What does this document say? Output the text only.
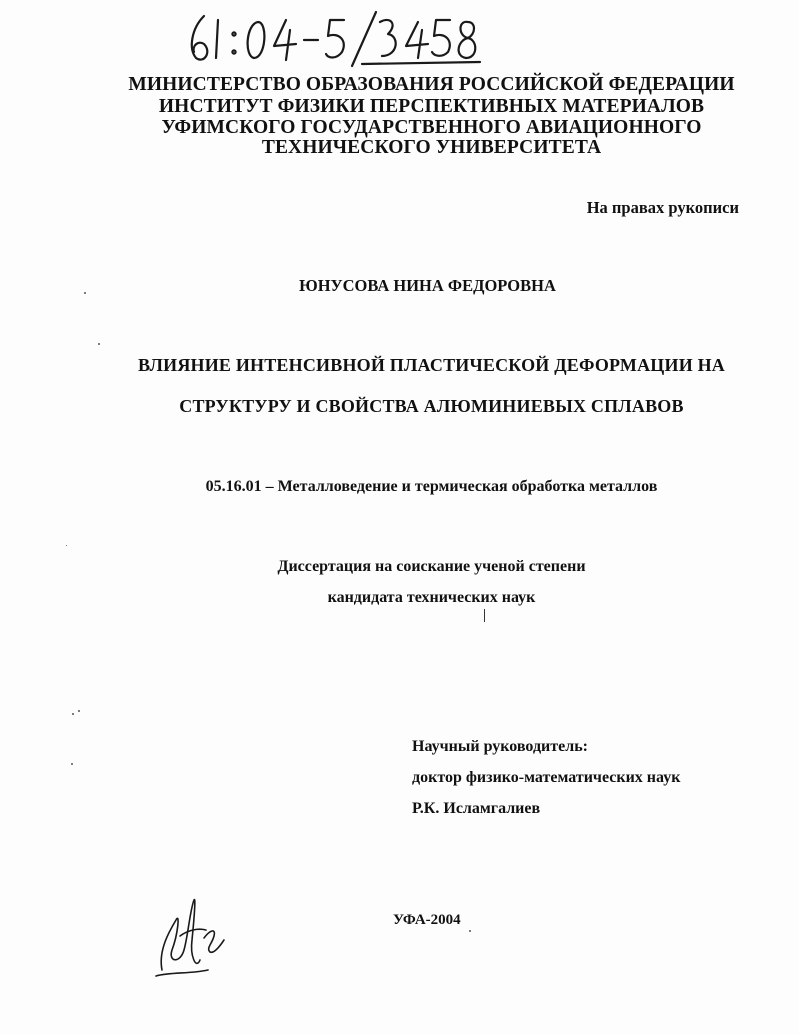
МИНИСТЕРСТВО ОБРАЗОВАНИЯ РОССИЙСКОЙ ФЕДЕРАЦИИ
ИНСТИТУТ ФИЗИКИ ПЕРСПЕКТИВНЫХ МАТЕРИАЛОВ
УФИМСКОГО ГОСУДАРСТВЕННОГО АВИАЦИОННОГО
ТЕХНИЧЕСКОГО УНИВЕРСИТЕТА
На правах рукописи
ЮНУСОВА НИНА ФЕДОРОВНА
ВЛИЯНИЕ ИНТЕНСИВНОЙ ПЛАСТИЧЕСКОЙ ДЕФОРМАЦИИ НА
СТРУКТУРУ И СВОЙСТВА АЛЮМИНИЕВЫХ СПЛАВОВ
05.16.01 – Металловедение и термическая обработка металлов
Диссертация на соискание ученой степени
кандидата технических наук
Научный руководитель:
доктор физико-математических наук
Р.К. Исламгалиев
УФА-2004
